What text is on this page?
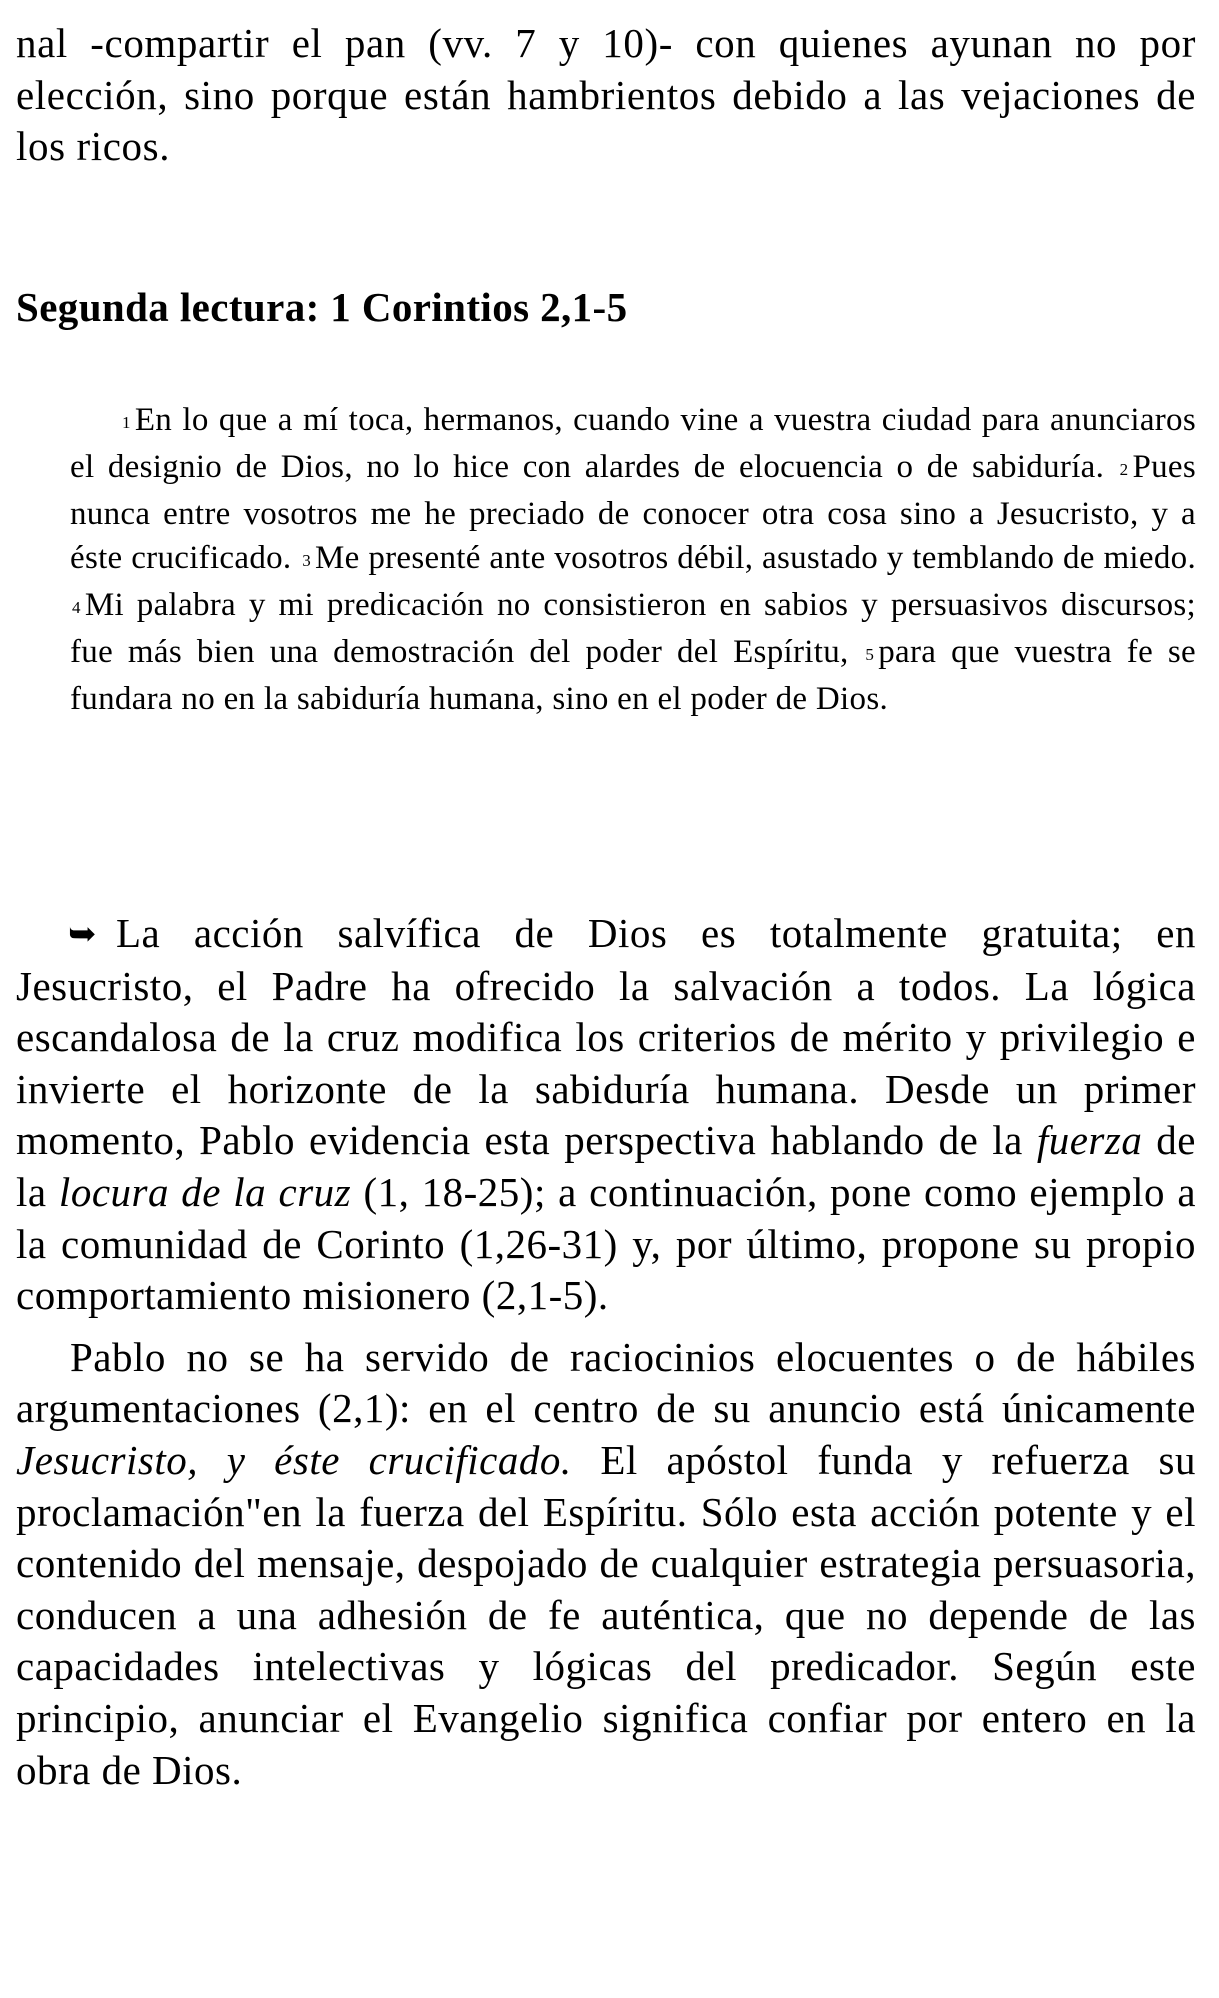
nal -compartir el pan (vv. 7 y 10)- con quienes ayunan no por elección, sino porque están hambrientos debido a las vejaciones de los ricos.

Segunda lectura: 1 Corintios 2,1-5

1 En lo que a mí toca, hermanos, cuando vine a vuestra ciudad para anunciaros el designio de Dios, no lo hice con alardes de elocuencia o de sabiduría. 2 Pues nunca entre vosotros me he preciado de conocer otra cosa sino a Jesucristo, y a éste crucificado. 3 Me presenté ante vosotros débil, asustado y temblando de miedo. 4 Mi palabra y mi predicación no consistieron en sabios y persuasivos discursos; fue más bien una demostración del poder del Espíritu, 5 para que vuestra fe se fundara no en la sabiduría humana, sino en el poder de Dios.

➥ La acción salvífica de Dios es totalmente gratuita; en Jesucristo, el Padre ha ofrecido la salvación a todos. La lógica escandalosa de la cruz modifica los criterios de mérito y privilegio e invierte el horizonte de la sabiduría humana. Desde un primer momento, Pablo evidencia esta perspectiva hablando de la fuerza de la locura de la cruz (1, 18-25); a continuación, pone como ejemplo a la comunidad de Corinto (1,26-31) y, por último, propone su propio comportamiento misionero (2,1-5).

Pablo no se ha servido de raciocinios elocuentes o de hábiles argumentaciones (2,1): en el centro de su anuncio está únicamente Jesucristo, y éste crucificado. El apóstol funda y refuerza su proclamación"en la fuerza del Espíritu. Sólo esta acción potente y el contenido del mensaje, despojado de cualquier estrategia persuasoria, conducen a una adhesión de fe auténtica, que no depende de las capacidades intelectivas y lógicas del predicador. Según este principio, anunciar el Evangelio significa confiar por entero en la obra de Dios.
